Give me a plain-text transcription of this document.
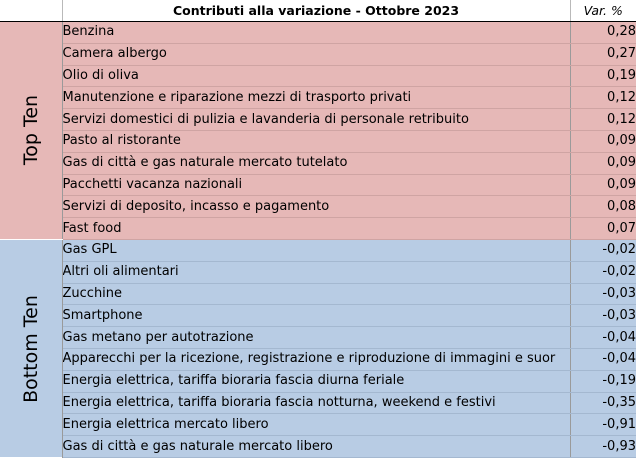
	Contributi alla variazione - Ottobre 2023	Var. %

Top Ten	Benzina	0,28
	Camera albergo	0,27
	Olio di oliva	0,19
	Manutenzione e riparazione mezzi di trasporto privati	0,12
	Servizi domestici di pulizia e lavanderia di personale retribuito	0,12
	Pasto al ristorante	0,09
	Gas di città e gas naturale mercato tutelato	0,09
	Pacchetti vacanza nazionali	0,09
	Servizi di deposito, incasso e pagamento	0,08
	Fast food	0,07

Bottom Ten	Gas GPL	-0,02
	Altri oli alimentari	-0,02
	Zucchine	-0,03
	Smartphone	-0,03
	Gas metano per autotrazione	-0,04
	Apparecchi per la ricezione, registrazione e riproduzione di immagini e suor	-0,04
	Energia elettrica, tariffa bioraria fascia diurna feriale	-0,19
	Energia elettrica, tariffa bioraria fascia notturna, weekend e festivi	-0,35
	Energia elettrica mercato libero	-0,91
	Gas di città e gas naturale mercato libero	-0,93
